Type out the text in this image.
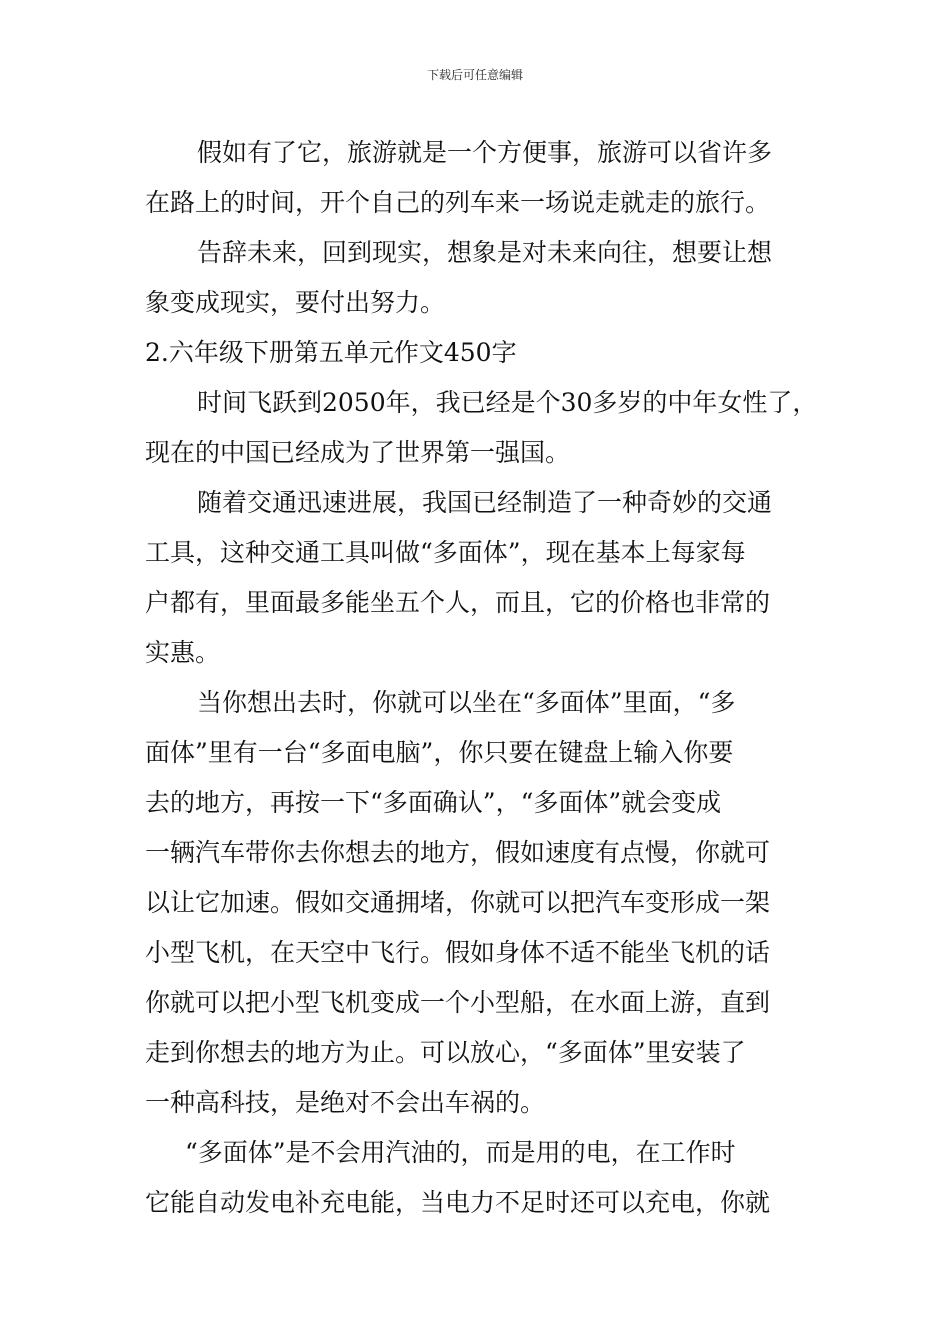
下载后可任意编辑
假如有了它，旅游就是一个方便事，旅游可以省许多
在路上的时间，开个自己的列车来一场说走就走的旅行。
告辞未来，回到现实，想象是对未来向往，想要让想
象变成现实，要付出努力。
2.六年级下册第五单元作文450字
时间飞跃到2050年，我已经是个30多岁的中年女性了，
现在的中国已经成为了世界第一强国。
随着交通迅速进展，我国已经制造了一种奇妙的交通
工具，这种交通工具叫做“多面体”，现在基本上每家每
户都有，里面最多能坐五个人，而且，它的价格也非常的
实惠。
当你想出去时，你就可以坐在“多面体”里面，“多
面体”里有一台“多面电脑”，你只要在键盘上输入你要
去的地方，再按一下“多面确认”，“多面体”就会变成
一辆汽车带你去你想去的地方，假如速度有点慢，你就可
以让它加速。假如交通拥堵，你就可以把汽车变形成一架
小型飞机，在天空中飞行。假如身体不适不能坐飞机的话
你就可以把小型飞机变成一个小型船，在水面上游，直到
走到你想去的地方为止。可以放心，“多面体”里安装了
一种高科技，是绝对不会出车祸的。
“多面体”是不会用汽油的，而是用的电，在工作时
它能自动发电补充电能，当电力不足时还可以充电，你就
